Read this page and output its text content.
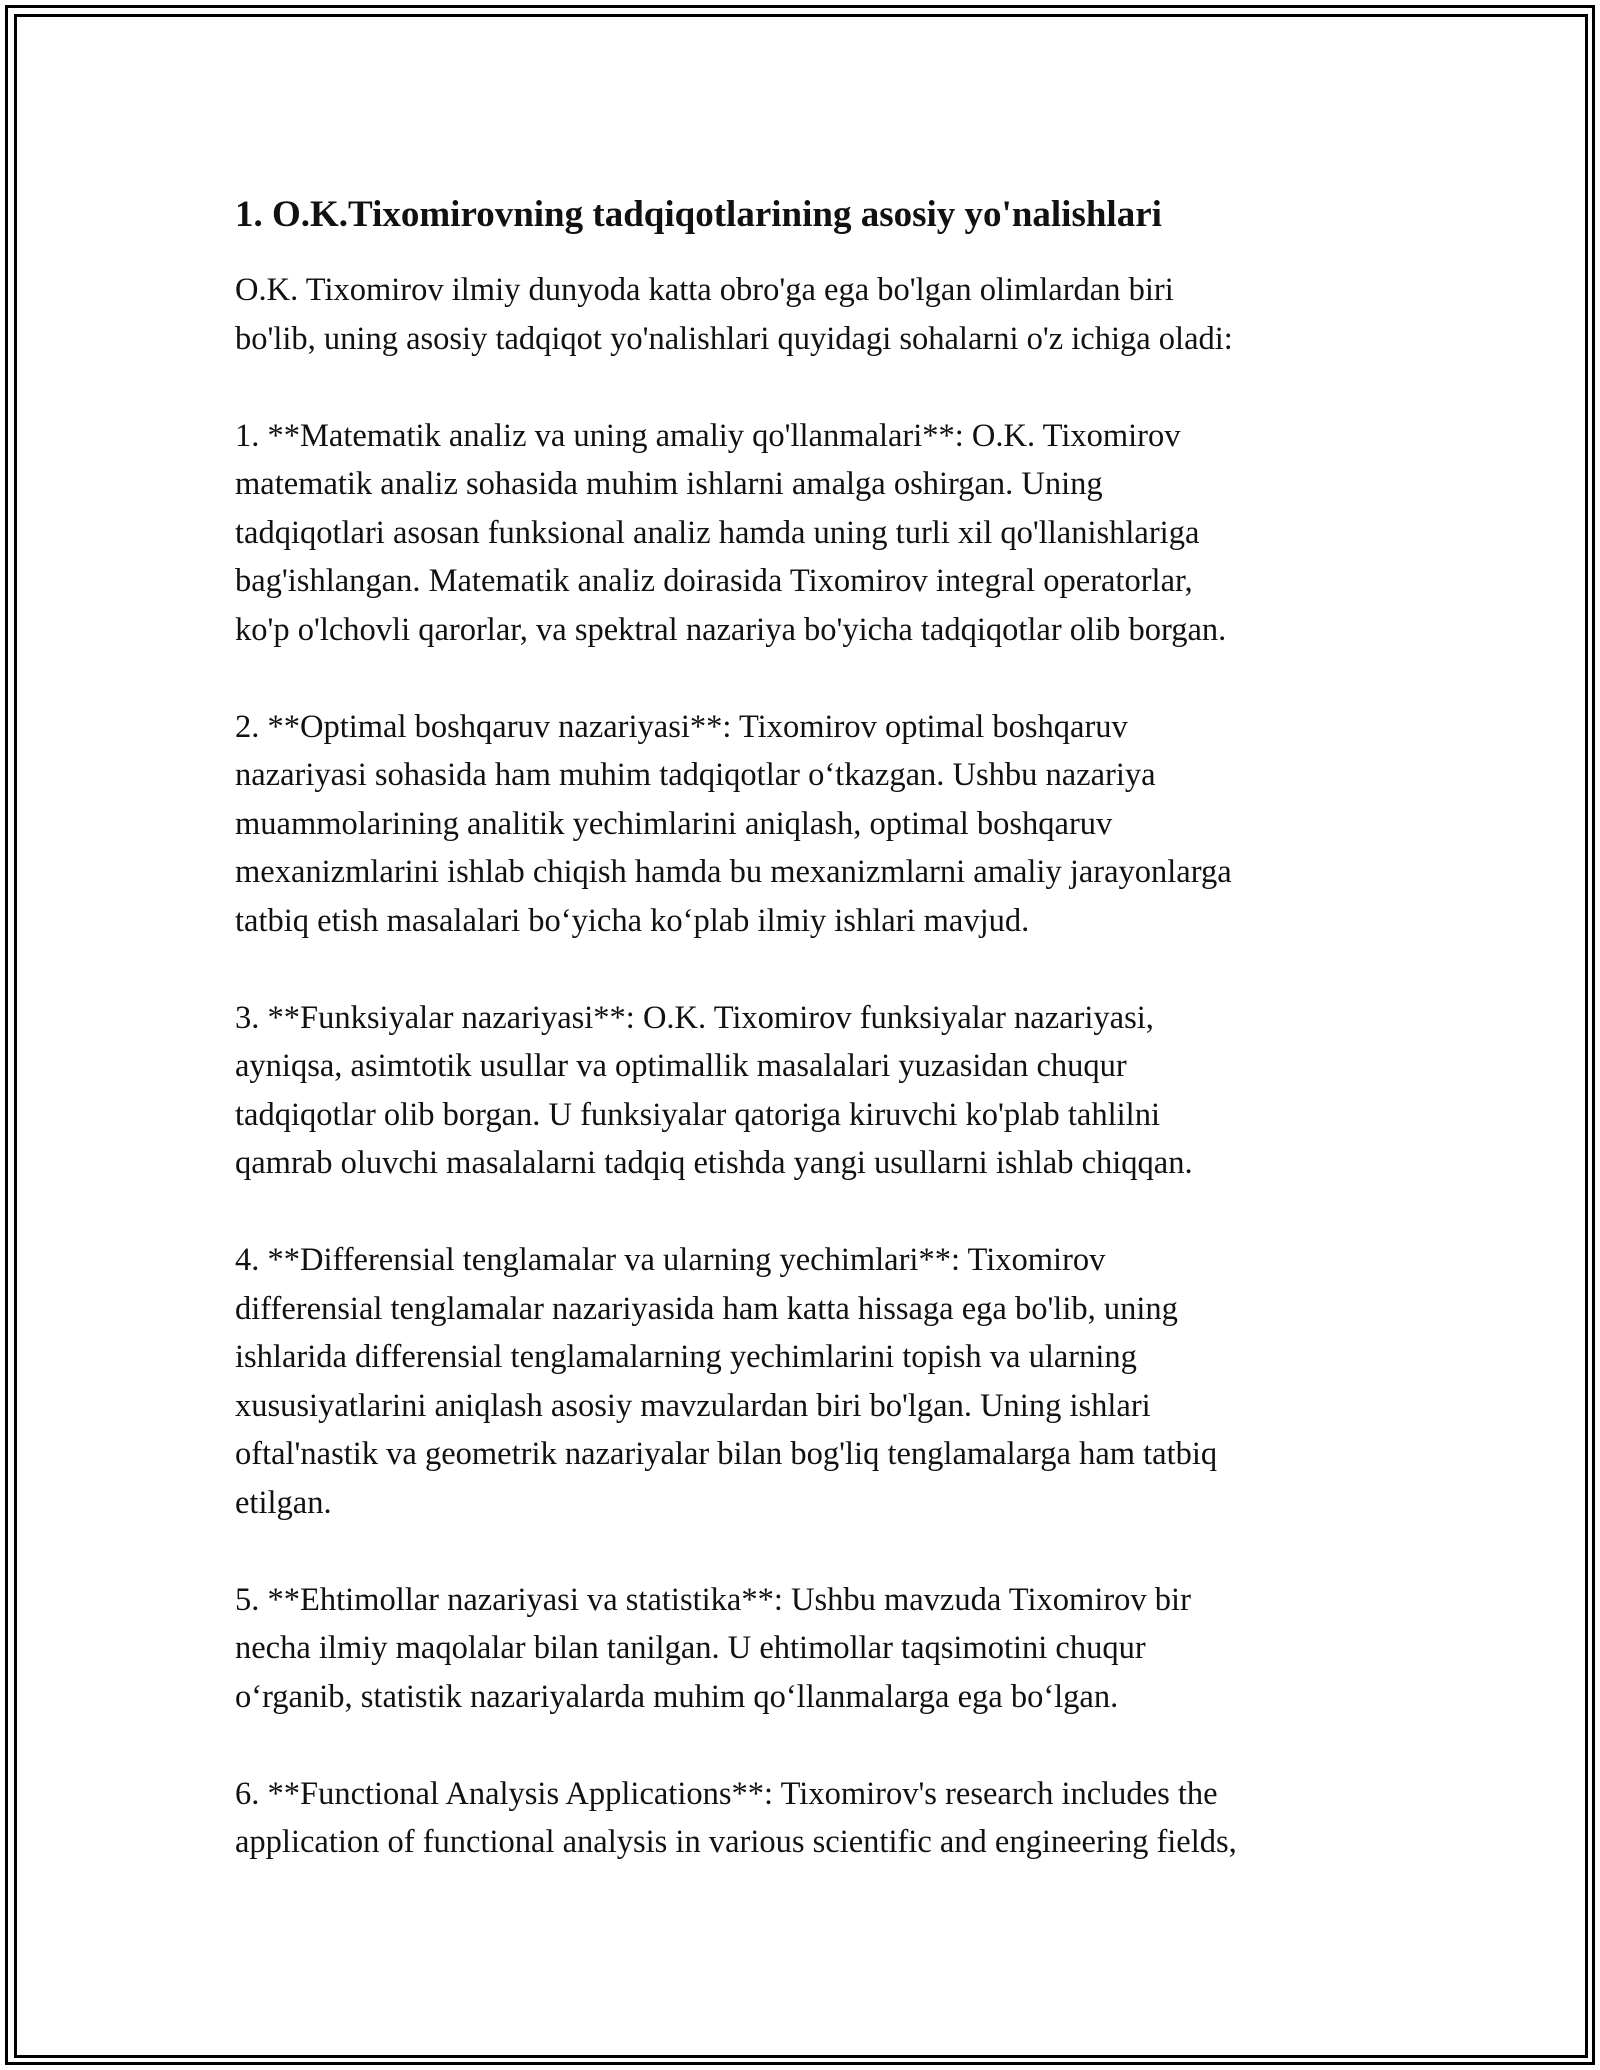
1. O.K.Tixomirovning tadqiqotlarining asosiy yo'nalishlari
O.K. Tixomirov ilmiy dunyoda katta obro'ga ega bo'lgan olimlardan biri
bo'lib, uning asosiy tadqiqot yo'nalishlari quyidagi sohalarni o'z ichiga oladi:
1. **Matematik analiz va uning amaliy qo'llanmalari**: O.K. Tixomirov
matematik analiz sohasida muhim ishlarni amalga oshirgan. Uning
tadqiqotlari asosan funksional analiz hamda uning turli xil qo'llanishlariga
bag'ishlangan. Matematik analiz doirasida Tixomirov integral operatorlar,
ko'p o'lchovli qarorlar, va spektral nazariya bo'yicha tadqiqotlar olib borgan.
2. **Optimal boshqaruv nazariyasi**: Tixomirov optimal boshqaruv
nazariyasi sohasida ham muhim tadqiqotlar oʻtkazgan. Ushbu nazariya
muammolarining analitik yechimlarini aniqlash, optimal boshqaruv
mexanizmlarini ishlab chiqish hamda bu mexanizmlarni amaliy jarayonlarga
tatbiq etish masalalari boʻyicha koʻplab ilmiy ishlari mavjud.
3. **Funksiyalar nazariyasi**: O.K. Tixomirov funksiyalar nazariyasi,
ayniqsa, asimtotik usullar va optimallik masalalari yuzasidan chuqur
tadqiqotlar olib borgan. U funksiyalar qatoriga kiruvchi ko'plab tahlilni
qamrab oluvchi masalalarni tadqiq etishda yangi usullarni ishlab chiqqan.
4. **Differensial tenglamalar va ularning yechimlari**: Tixomirov
differensial tenglamalar nazariyasida ham katta hissaga ega bo'lib, uning
ishlarida differensial tenglamalarning yechimlarini topish va ularning
xususiyatlarini aniqlash asosiy mavzulardan biri bo'lgan. Uning ishlari
oftal'nastik va geometrik nazariyalar bilan bog'liq tenglamalarga ham tatbiq
etilgan.
5. **Ehtimollar nazariyasi va statistika**: Ushbu mavzuda Tixomirov bir
necha ilmiy maqolalar bilan tanilgan. U ehtimollar taqsimotini chuqur
oʻrganib, statistik nazariyalarda muhim qoʻllanmalarga ega boʻlgan.
6. **Functional Analysis Applications**: Tixomirov's research includes the
application of functional analysis in various scientific and engineering fields,
